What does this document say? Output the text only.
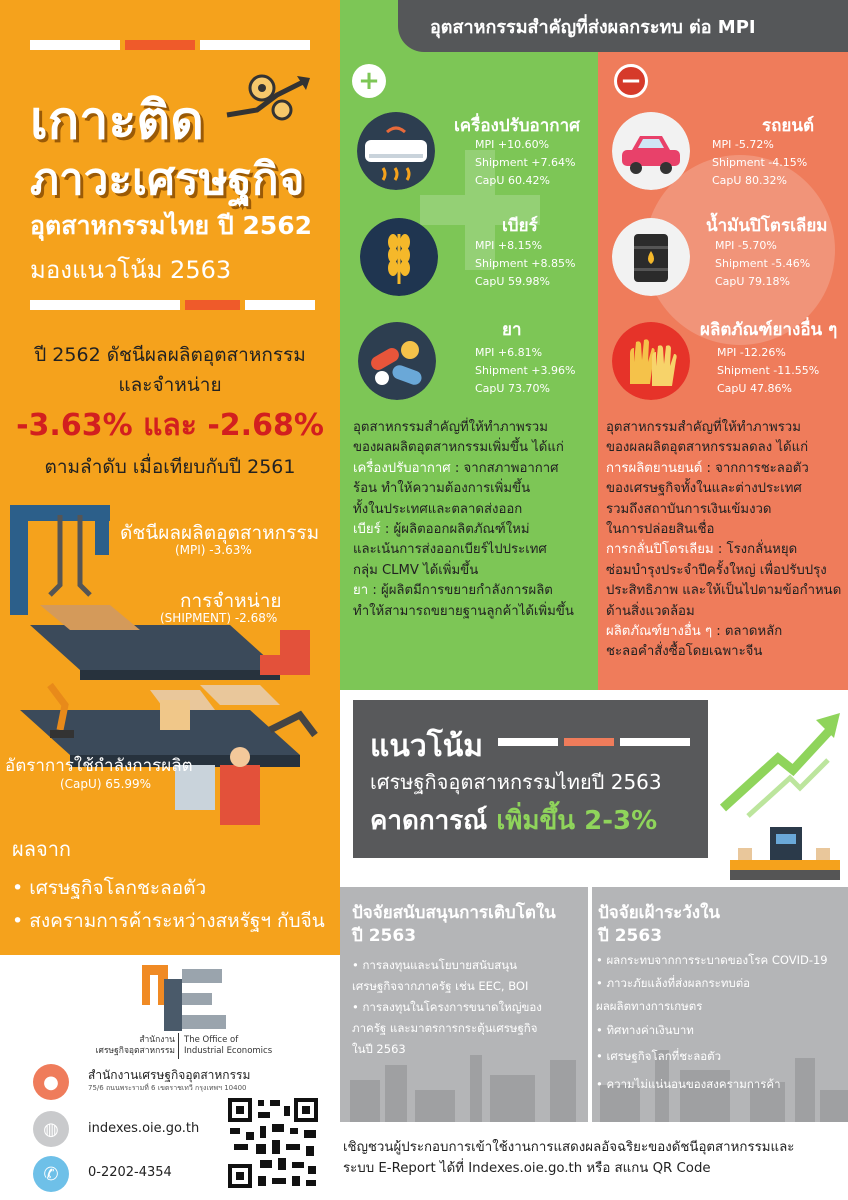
เกาะติด
ภาวะเศรษฐกิจ
อุตสาหกรรมไทย ปี 2562
มองแนวโน้ม 2563
ปี 2562 ดัชนีผลผลิตอุตสาหกรรม
และจำหน่าย
-3.63% และ -2.68%
ตามลำดับ เมื่อเทียบกับปี 2561
ดัชนีผลผลิตอุตสาหกรรม
(MPI) -3.63%
การจำหน่าย
(SHIPMENT) -2.68%
อัตราการใช้กำลังการผลิต
(CapU) 65.99%
ผลจาก
• เศรษฐกิจโลกชะลอตัว
• สงครามการค้าระหว่างสหรัฐฯ กับจีน
อุตสาหกรรมสำคัญที่ส่งผลกระทบ ต่อ MPI
+	−
เครื่องปรับอากาศ
MPI +10.60%
Shipment +7.64%
CapU 60.42%
เบียร์
MPI +8.15%
Shipment +8.85%
CapU 59.98%
ยา
MPI +6.81%
Shipment +3.96%
CapU 73.70%
รถยนต์
MPI -5.72%
Shipment -4.15%
CapU 80.32%
น้ำมันปิโตรเลียม
MPI -5.70%
Shipment -5.46%
CapU 79.18%
ผลิตภัณฑ์ยางอื่น ๆ
MPI -12.26%
Shipment -11.55%
CapU 47.86%
อุตสาหกรรมสำคัญที่ให้ทำภาพรวม
ของผลผลิตอุตสาหกรรมเพิ่มขึ้น ได้แก่
เครื่องปรับอากาศ : จากสภาพอากาศ
ร้อน ทำให้ความต้องการเพิ่มขึ้น
ทั้งในประเทศและตลาดส่งออก
เบียร์ : ผู้ผลิตออกผลิตภัณฑ์ใหม่
และเน้นการส่งออกเบียร์ไปประเทศ
กลุ่ม CLMV ได้เพิ่มขึ้น
ยา : ผู้ผลิตมีการขยายกำลังการผลิต
ทำให้สามารถขยายฐานลูกค้าได้เพิ่มขึ้น
อุตสาหกรรมสำคัญที่ให้ทำภาพรวม
ของผลผลิตอุตสาหกรรมลดลง ได้แก่
การผลิตยานยนต์ : จากการชะลอตัว
ของเศรษฐกิจทั้งในและต่างประเทศ
รวมถึงสถาบันการเงินเข้มงวด
ในการปล่อยสินเชื่อ
การกลั่นปิโตรเลียม : โรงกลั่นหยุด
ซ่อมบำรุงประจำปีครั้งใหญ่ เพื่อปรับปรุง
ประสิทธิภาพ และให้เป็นไปตามข้อกำหนด
ด้านสิ่งแวดล้อม
ผลิตภัณฑ์ยางอื่น ๆ : ตลาดหลัก
ชะลอคำสั่งซื้อโดยเฉพาะจีน
แนวโน้ม
เศรษฐกิจอุตสาหกรรมไทยปี 2563
คาดการณ์ เพิ่มขึ้น 2-3%
ปัจจัยสนับสนุนการเติบโตใน
ปี 2563
• การลงทุนและนโยบายสนับสนุน
เศรษฐกิจจากภาครัฐ เช่น EEC, BOI
• การลงทุนในโครงการขนาดใหญ่ของ
ภาครัฐ และมาตรการกระตุ้นเศรษฐกิจ
ในปี 2563
ปัจจัยเฝ้าระวังใน
ปี 2563
• ผลกระทบจากการระบาดของโรค COVID-19
• ภาวะภัยแล้งที่ส่งผลกระทบต่อ
ผลผลิตทางการเกษตร
• ทิศทางค่าเงินบาท
• เศรษฐกิจโลกที่ชะลอตัว
• ความไม่แน่นอนของสงครามการค้า
สำนักงาน
เศรษฐกิจอุตสาหกรรม
The Office of
Industrial Economics
●	สำนักงานเศรษฐกิจอุตสาหกรรม
75/6 ถนนพระรามที่ 6 เขตราชเทวี กรุงเทพฯ 10400
◍	indexes.oie.go.th
✆	0-2202-4354
เชิญชวนผู้ประกอบการเข้าใช้งานการแสดงผลอัจฉริยะของดัชนีอุตสาหกรรมและ
ระบบ E-Report ได้ที่ Indexes.oie.go.th หรือ สแกน QR Code
